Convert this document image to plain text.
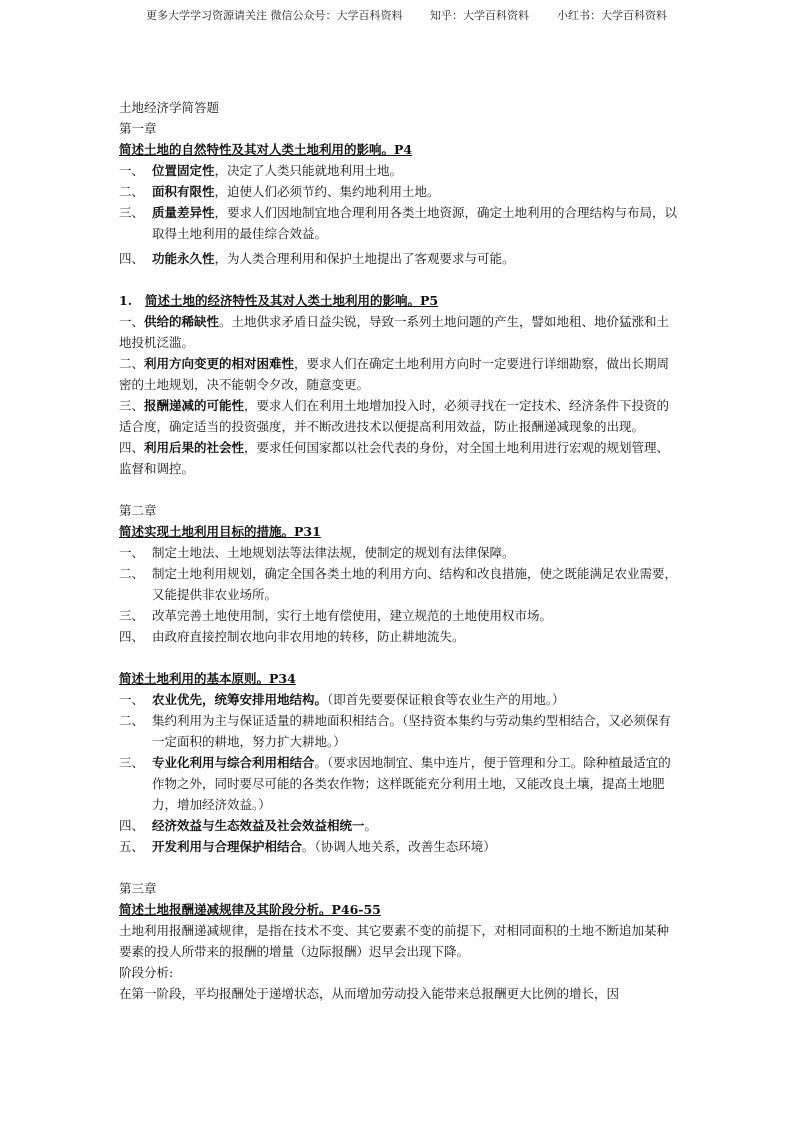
更多大学学习资源请关注 微信公众号：大学百科资料	知乎：大学百科资料	小红书：大学百科资料
土地经济学简答题
第一章
简述土地的自然特性及其对人类土地利用的影响。P4
一、 位置固定性，决定了人类只能就地利用土地。
二、 面积有限性，迫使人们必须节约、集约地利用土地。
三、 质量差异性，要求人们因地制宜地合理利用各类土地资源，确定土地利用的合理结构与布局，以取得土地利用的最佳综合效益。
四、 功能永久性，为人类合理利用和保护土地提出了客观要求与可能。
1. 简述土地的经济特性及其对人类土地利用的影响。P5
一、供给的稀缺性。土地供求矛盾日益尖锐，导致一系列土地问题的产生，譬如地租、地价猛涨和土地投机泛滥。
二、利用方向变更的相对困难性，要求人们在确定土地利用方向时一定要进行详细勘察，做出长期周密的土地规划，决不能朝令夕改，随意变更。
三、报酬递减的可能性，要求人们在利用土地增加投入时，必须寻找在一定技术、经济条件下投资的适合度，确定适当的投资强度，并不断改进技术以便提高利用效益，防止报酬递减现象的出现。
四、利用后果的社会性，要求任何国家都以社会代表的身份，对全国土地利用进行宏观的规划管理、监督和调控。
第二章
简述实现土地利用目标的措施。P31
一、 制定土地法、土地规划法等法律法规，使制定的规划有法律保障。
二、 制定土地利用规划，确定全国各类土地的利用方向、结构和改良措施，使之既能满足农业需要，又能提供非农业场所。
三、 改革完善土地使用制，实行土地有偿使用，建立规范的土地使用权市场。
四、 由政府直接控制农地向非农用地的转移，防止耕地流失。
简述土地利用的基本原则。P34
一、 农业优先，统筹安排用地结构。（即首先要要保证粮食等农业生产的用地。）
二、 集约利用为主与保证适量的耕地面积相结合。（坚持资本集约与劳动集约型相结合，又必须保有一定面积的耕地，努力扩大耕地。）
三、 专业化利用与综合利用相结合。（要求因地制宜、集中连片，便于管理和分工。除种植最适宜的作物之外，同时要尽可能的各类农作物；这样既能充分利用土地，又能改良土壤，提高土地肥力，增加经济效益。）
四、 经济效益与生态效益及社会效益相统一。
五、 开发利用与合理保护相结合。（协调人地关系，改善生态环境）
第三章
简述土地报酬递减规律及其阶段分析。P46-55
土地利用报酬递减规律，是指在技术不变、其它要素不变的前提下，对相同面积的土地不断追加某种要素的投人所带来的报酬的增量（边际报酬）迟早会出现下降。
阶段分析:
在第一阶段，平均报酬处于递增状态，从而增加劳动投入能带来总报酬更大比例的增长，因
